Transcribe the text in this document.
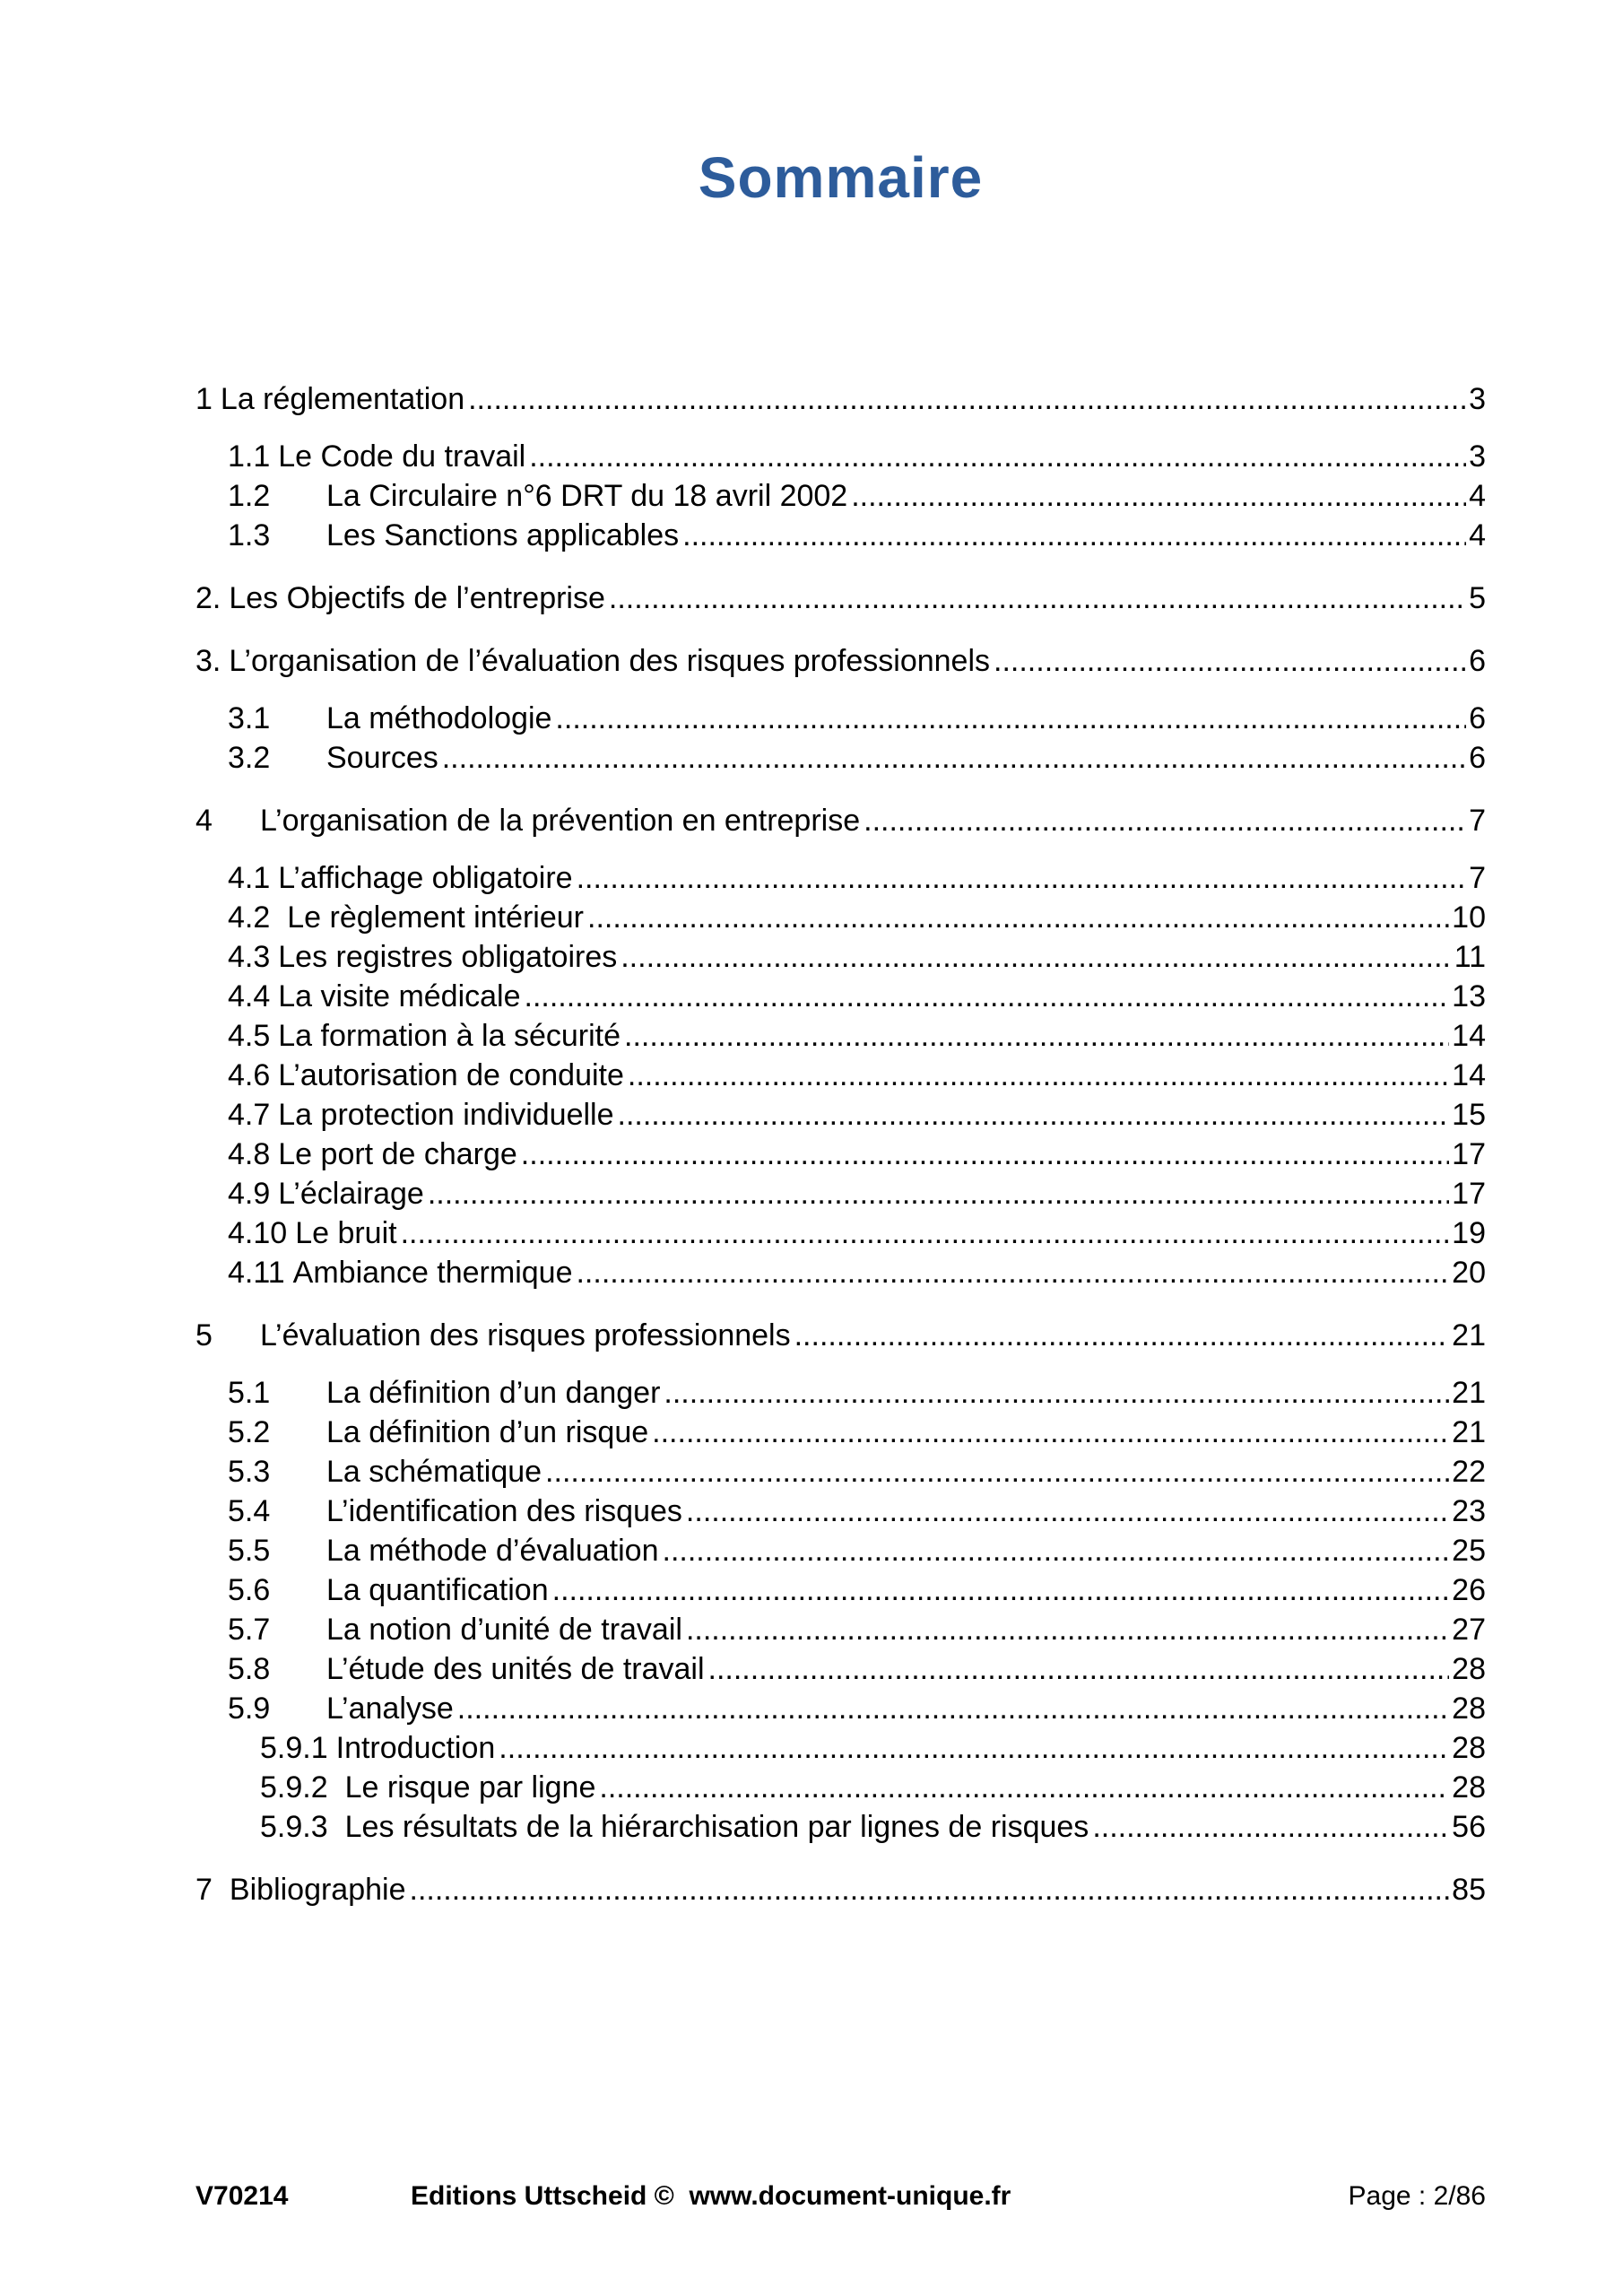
Sommaire
1 La réglementation .....	3
1.1 Le Code du travail .....	3
1.2	La Circulaire n°6 DRT du 18 avril 2002 .....	4
1.3	Les Sanctions applicables .....	4
2. Les Objectifs de l’entreprise .....	5
3. L’organisation de l’évaluation des risques professionnels .....	6
3.1	La méthodologie .....	6
3.2	Sources .....	6
4	L’organisation de la prévention en entreprise .....	7
4.1 L’affichage obligatoire .....	7
4.2 Le règlement intérieur .....	10
4.3 Les registres obligatoires .....	11
4.4 La visite médicale .....	13
4.5 La formation à la sécurité .....	14
4.6 L’autorisation de conduite .....	14
4.7 La protection individuelle .....	15
4.8 Le port de charge .....	17
4.9 L’éclairage .....	17
4.10 Le bruit .....	19
4.11 Ambiance thermique .....	20
5	L’évaluation des risques professionnels .....	21
5.1	La définition d’un danger .....	21
5.2	La définition d’un risque .....	21
5.3	La schématique .....	22
5.4	L’identification des risques .....	23
5.5	La méthode d’évaluation .....	25
5.6	La quantification .....	26
5.7	La notion d’unité de travail .....	27
5.8	L’étude des unités de travail .....	28
5.9	L’analyse .....	28
5.9.1 Introduction .....	28
5.9.2 Le risque par ligne .....	28
5.9.3 Les résultats de la hiérarchisation par lignes de risques .....	56
7 Bibliographie .....	85
V70214	Editions Uttscheid ©  www.document-unique.fr	Page : 2/86
